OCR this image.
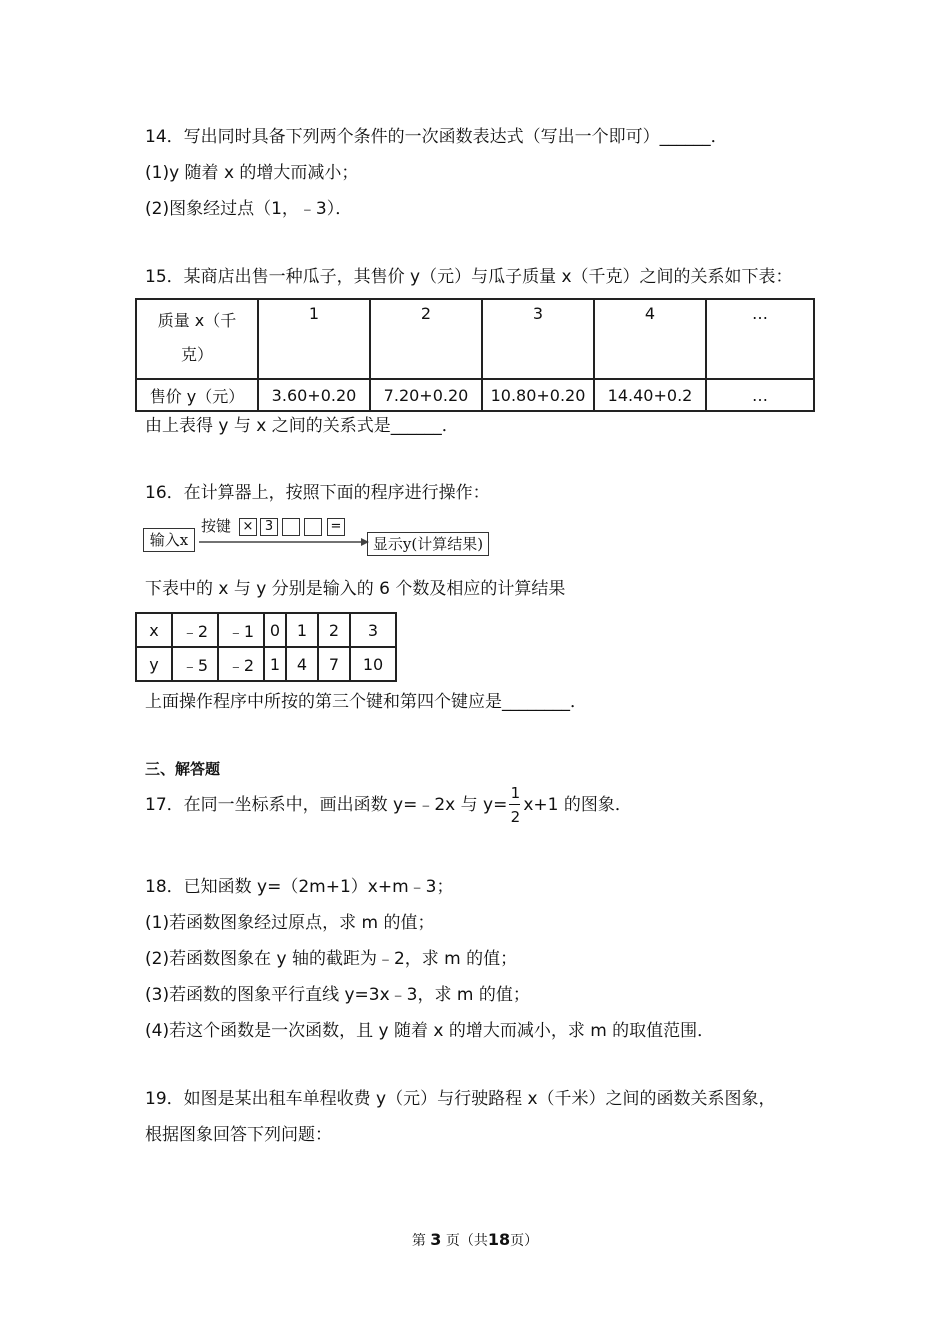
14．写出同时具备下列两个条件的一次函数表达式（写出一个即可）______．
(1)y 随着 x 的增大而减小；
(2)图象经过点（1，﹣3）．
15．某商店出售一种瓜子，其售价 y（元）与瓜子质量 x（千克）之间的关系如下表：
质量 x（千
克）	1	2	3	4	…
售价 y（元）	3.60+0.20	7.20+0.20	10.80+0.20	14.40+0.2	…
由上表得 y 与 x 之间的关系式是______．
16．在计算器上，按照下面的程序进行操作：
输入x
按键 × 3	=
显示y(计算结果)
下表中的 x 与 y 分别是输入的 6 个数及相应的计算结果
x	﹣2	﹣1	0	1	2	3
y	﹣5	﹣2	1	4	7	10
上面操作程序中所按的第三个键和第四个键应是________．
三、解答题
17．在同一坐标系中，画出函数 y=﹣2x 与 $y= \frac{1}{2} x+1$ 的图象．
18．已知函数 y=（2m+1）x+m﹣3；
(1)若函数图象经过原点，求 m 的值；
(2)若函数图象在 y 轴的截距为﹣2，求 m 的值；
(3)若函数的图象平行直线 y=3x﹣3，求 m 的值；
(4)若这个函数是一次函数，且 y 随着 x 的增大而减小，求 m 的取值范围．
19．如图是某出租车单程收费 y（元）与行驶路程 x（千米）之间的函数关系图象，
根据图象回答下列问题：
第 3 页（共18页）
